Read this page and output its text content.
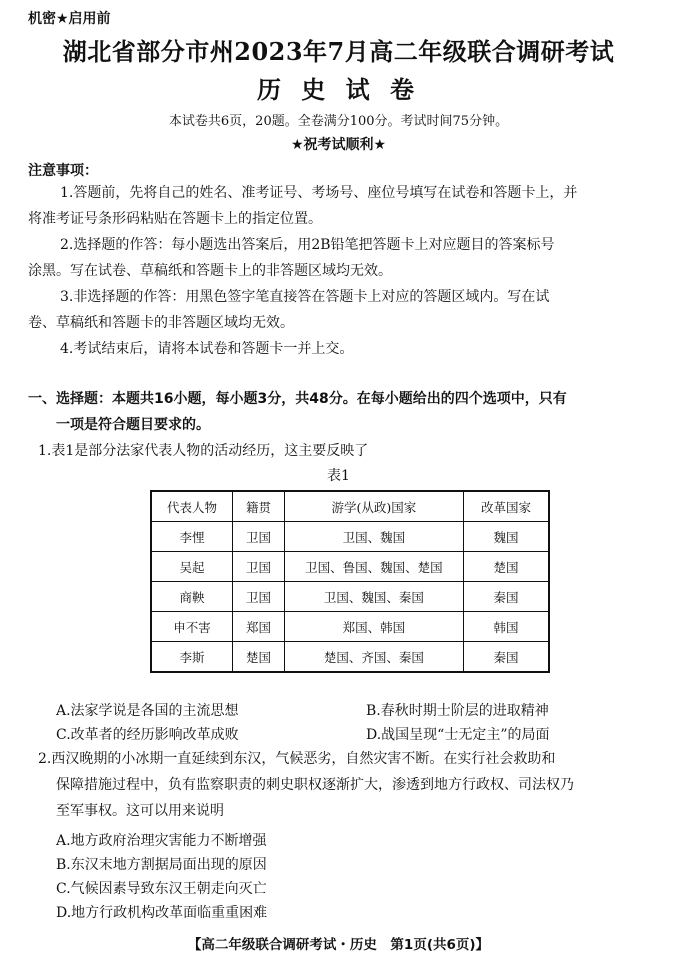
机密★启用前
湖北省部分市州2023年7月高二年级联合调研考试
历 史 试 卷
本试卷共6页，20题。全卷满分100分。考试时间75分钟。
★祝考试顺利★
注意事项：
1.答题前，先将自己的姓名、准考证号、考场号、座位号填写在试卷和答题卡上，并
将准考证号条形码粘贴在答题卡上的指定位置。
2.选择题的作答：每小题选出答案后，用2B铅笔把答题卡上对应题目的答案标号
涂黑。写在试卷、草稿纸和答题卡上的非答题区域均无效。
3.非选择题的作答：用黑色签字笔直接答在答题卡上对应的答题区域内。写在试
卷、草稿纸和答题卡的非答题区域均无效。
4.考试结束后，请将本试卷和答题卡一并上交。
一、选择题：本题共16小题，每小题3分，共48分。在每小题给出的四个选项中，只有
一项是符合题目要求的。
1.表1是部分法家代表人物的活动经历，这主要反映了
表1
代表人物	籍贯	游学(从政)国家	改革国家
李悝	卫国	卫国、魏国	魏国
吴起	卫国	卫国、鲁国、魏国、楚国	楚国
商鞅	卫国	卫国、魏国、秦国	秦国
申不害	郑国	郑国、韩国	韩国
李斯	楚国	楚国、齐国、秦国	秦国
A.法家学说是各国的主流思想	B.春秋时期士阶层的进取精神
C.改革者的经历影响改革成败	D.战国呈现“士无定主”的局面
2.西汉晚期的小冰期一直延续到东汉，气候恶劣，自然灾害不断。在实行社会救助和
保障措施过程中，负有监察职责的刺史职权逐渐扩大，渗透到地方行政权、司法权乃
至军事权。这可以用来说明
A.地方政府治理灾害能力不断增强
B.东汉末地方割据局面出现的原因
C.气候因素导致东汉王朝走向灭亡
D.地方行政机构改革面临重重困难
【高二年级联合调研考试・历史　第1页(共6页)】
